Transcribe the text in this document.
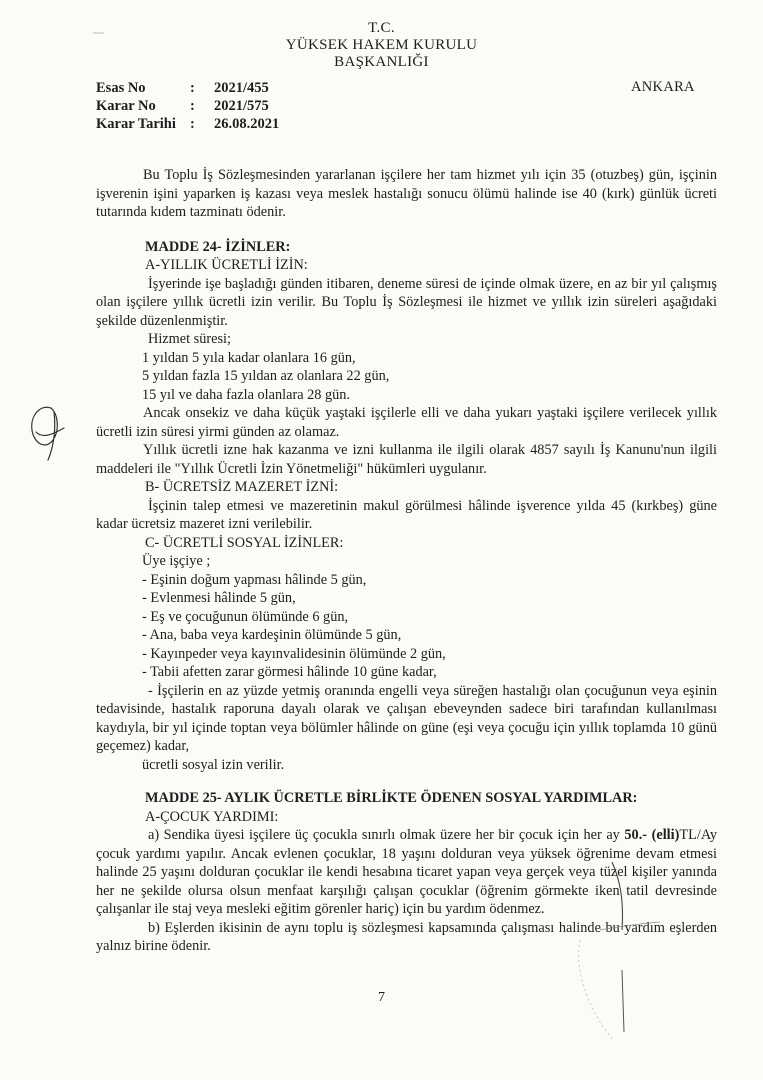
T.C.
YÜKSEK HAKEM KURULU
BAŞKANLIĞI
Esas No	: 2021/455
Karar No : 2021/575
Karar Tarihi : 26.08.2021
ANKARA

Bu Toplu İş Sözleşmesinden yararlanan işçilere her tam hizmet yılı için 35 (otuzbeş) gün, işçinin işverenin işini yaparken iş kazası veya meslek hastalığı sonucu ölümü halinde ise 40 (kırk) günlük ücreti tutarında kıdem tazminatı ödenir.

MADDE 24- İZİNLER:

A-YILLIK ÜCRETLİ İZİN:

İşyerinde işe başladığı günden itibaren, deneme süresi de içinde olmak üzere, en az bir yıl çalışmış olan işçilere yıllık ücretli izin verilir. Bu Toplu İş Sözleşmesi ile hizmet ve yıllık izin süreleri aşağıdaki şekilde düzenlenmiştir.

Hizmet süresi;

1 yıldan 5 yıla kadar olanlara 16 gün,

5 yıldan fazla 15 yıldan az olanlara 22 gün,

15 yıl ve daha fazla olanlara 28 gün.

Ancak onsekiz ve daha küçük yaştaki işçilerle elli ve daha yukarı yaştaki işçilere verilecek yıllık ücretli izin süresi yirmi günden az olamaz.

Yıllık ücretli izne hak kazanma ve izni kullanma ile ilgili olarak 4857 sayılı İş Kanunu'nun ilgili maddeleri ile "Yıllık Ücretli İzin Yönetmeliği" hükümleri uygulanır.

B- ÜCRETSİZ MAZERET İZNİ:

İşçinin talep etmesi ve mazeretinin makul görülmesi hâlinde işverence yılda 45 (kırkbeş) güne kadar ücretsiz mazeret izni verilebilir.

C- ÜCRETLİ SOSYAL İZİNLER:

Üye işçiye ;

- Eşinin doğum yapması hâlinde 5 gün,

- Evlenmesi hâlinde 5 gün,

- Eş ve çocuğunun ölümünde 6 gün,

- Ana, baba veya kardeşinin ölümünde 5 gün,

- Kayınpeder veya kayınvalidesinin ölümünde 2 gün,

- Tabii afetten zarar görmesi hâlinde 10 güne kadar,

- İşçilerin en az yüzde yetmiş oranında engelli veya süreğen hastalığı olan çocuğunun veya eşinin tedavisinde, hastalık raporuna dayalı olarak ve çalışan ebeveynden sadece biri tarafından kullanılması kaydıyla, bir yıl içinde toptan veya bölümler hâlinde on güne (eşi veya çocuğu için yıllık toplamda 10 günü geçemez) kadar,

ücretli sosyal izin verilir.

MADDE 25- AYLIK ÜCRETLE BİRLİKTE ÖDENEN SOSYAL YARDIMLAR:

A-ÇOCUK YARDIMI:

a) Sendika üyesi işçilere üç çocukla sınırlı olmak üzere her bir çocuk için her ay 50.- (elli)TL/Ay çocuk yardımı yapılır. Ancak evlenen çocuklar, 18 yaşını dolduran veya yüksek öğrenime devam etmesi halinde 25 yaşını dolduran çocuklar ile kendi hesabına ticaret yapan veya gerçek veya tüzel kişiler yanında her ne şekilde olursa olsun menfaat karşılığı çalışan çocuklar (öğrenim görmekte iken tatil devresinde çalışanlar ile staj veya mesleki eğitim görenler hariç) için bu yardım ödenmez.

b) Eşlerden ikisinin de aynı toplu iş sözleşmesi kapsamında çalışması halinde bu yardım eşlerden yalnız birine ödenir.

7
